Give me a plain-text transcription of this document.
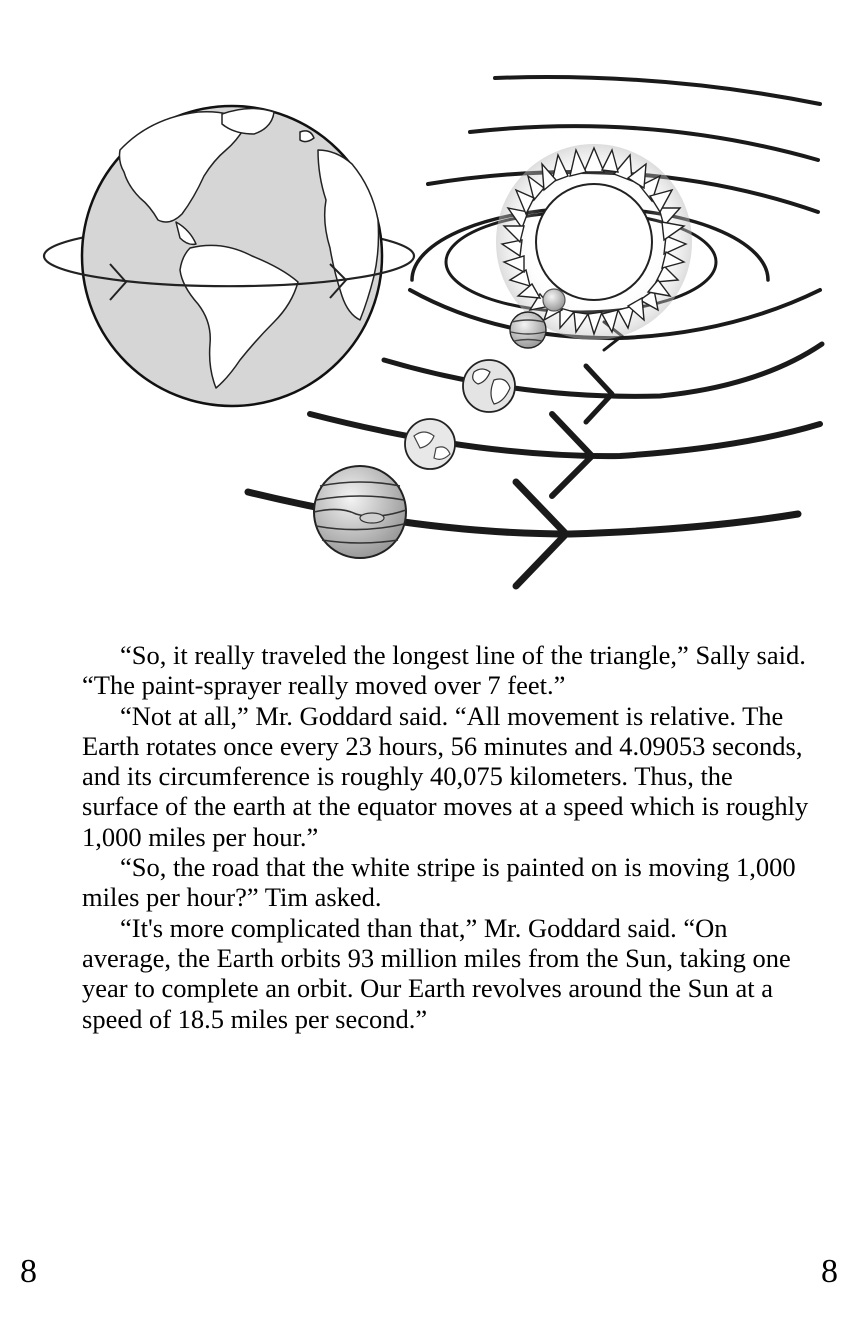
“So, it really traveled the longest line of the triangle,” Sally said. “The paint-sprayer really moved over 7 feet.”

“Not at all,” Mr. Goddard said. “All movement is relative. The Earth rotates once every 23 hours, 56 minutes and 4.09053 seconds, and its circumference is roughly 40,075 kilometers. Thus, the surface of the earth at the equator moves at a speed which is roughly 1,000 miles per hour.”

“So, the road that the white stripe is painted on is moving 1,000 miles per hour?” Tim asked.

“It's more complicated than that,” Mr. Goddard said. “On average, the Earth orbits 93 million miles from the Sun, taking one year to complete an orbit. Our Earth revolves around the Sun at a speed of 18.5 miles per second.”

8	8
